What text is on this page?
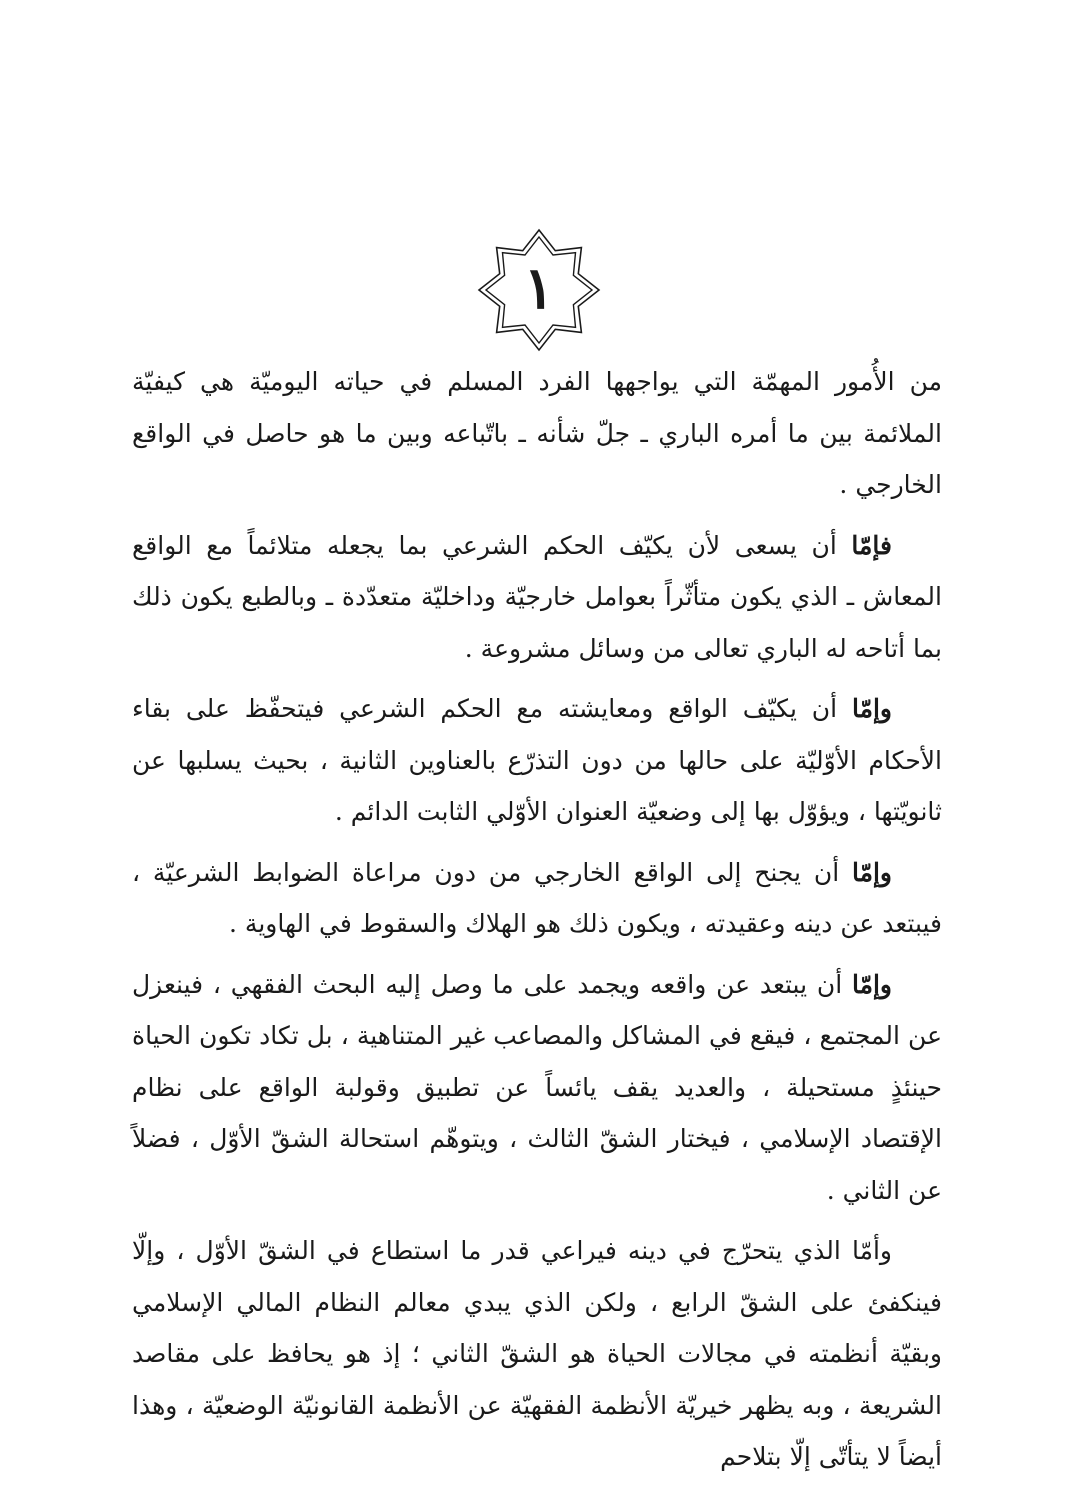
١

من الأُمور المهمّة التي يواجهها الفرد المسلم في حياته اليوميّة هي كيفيّة الملائمة بين ما أمره الباري ـ جلّ شأنه ـ باتّباعه وبين ما هو حاصل في الواقع الخارجي .

فإمّا أن يسعى لأن يكيّف الحكم الشرعي بما يجعله متلائماً مع الواقع المعاش ـ الذي يكون متأثّراً بعوامل خارجيّة وداخليّة متعدّدة ـ وبالطبع يكون ذلك بما أتاحه له الباري تعالى من وسائل مشروعة .

وإمّا أن يكيّف الواقع ومعايشته مع الحكم الشرعي فيتحفّظ على بقاء الأحكام الأوّليّة على حالها من دون التذرّع بالعناوين الثانية ، بحيث يسلبها عن ثانويّتها ، ويؤوّل بها إلى وضعيّة العنوان الأوّلي الثابت الدائم .

وإمّا أن يجنح إلى الواقع الخارجي من دون مراعاة الضوابط الشرعيّة ، فيبتعد عن دينه وعقيدته ، ويكون ذلك هو الهلاك والسقوط في الهاوية .

وإمّا أن يبتعد عن واقعه ويجمد على ما وصل إليه البحث الفقهي ، فينعزل عن المجتمع ، فيقع في المشاكل والمصاعب غير المتناهية ، بل تكاد تكون الحياة حينئذٍ مستحيلة ، والعديد يقف يائساً عن تطبيق وقولبة الواقع على نظام الإقتصاد الإسلامي ، فيختار الشقّ الثالث ، ويتوهّم استحالة الشقّ الأوّل ، فضلاً عن الثاني .

وأمّا الذي يتحرّج في دينه فيراعي قدر ما استطاع في الشقّ الأوّل ، وإلّا فينكفئ على الشقّ الرابع ، ولكن الذي يبدي معالم النظام المالي الإسلامي وبقيّة أنظمته في مجالات الحياة هو الشقّ الثاني ؛ إذ هو يحافظ على مقاصد الشريعة ، وبه يظهر خيريّة الأنظمة الفقهيّة عن الأنظمة القانونيّة الوضعيّة ، وهذا أيضاً لا يتأتّى إلّا بتلاحم
